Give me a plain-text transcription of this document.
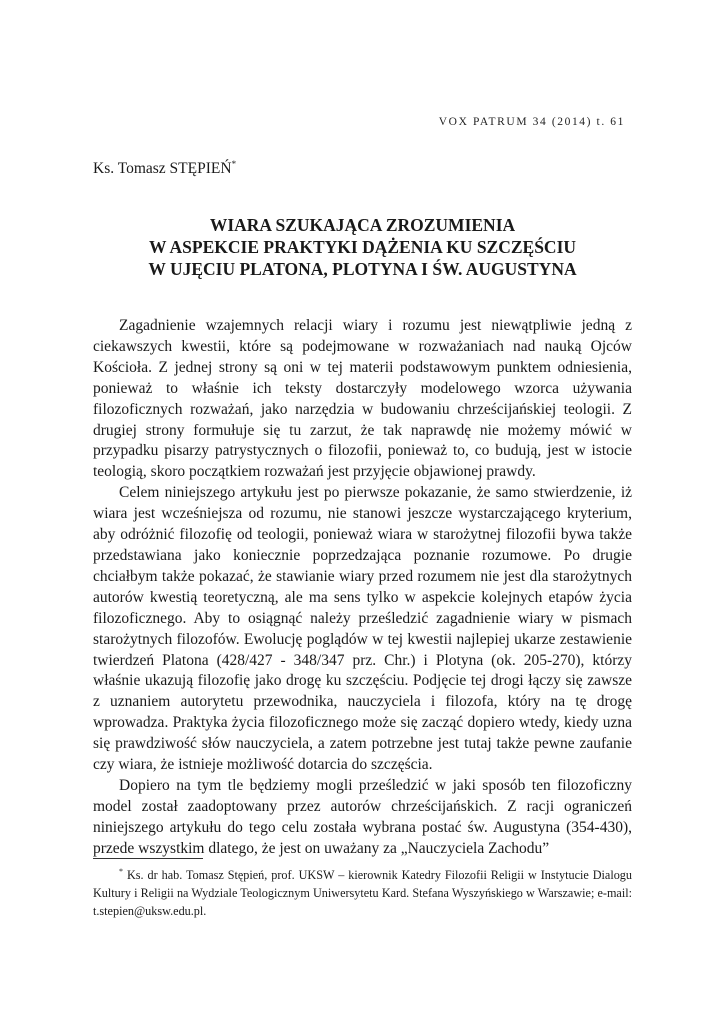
VOX PATRUM 34 (2014) t. 61
Ks. Tomasz STĘPIEŃ*
WIARA SZUKAJĄCA ZROZUMIENIA
W ASPEKCIE PRAKTYKI DĄŻENIA KU SZCZĘŚCIU
W UJĘCIU PLATONA, PLOTYNA I ŚW. AUGUSTYNA

Zagadnienie wzajemnych relacji wiary i rozumu jest niewątpliwie jedną z ciekawszych kwestii, które są podejmowane w rozważaniach nad nauką Ojców Kościoła. Z jednej strony są oni w tej materii podstawowym punktem odniesienia, ponieważ to właśnie ich teksty dostarczyły modelowego wzorca używania filozoficznych rozważań, jako narzędzia w budowaniu chrześcijańskiej teologii. Z drugiej strony formułuje się tu zarzut, że tak naprawdę nie możemy mówić w przypadku pisarzy patrystycznych o filozofii, ponieważ to, co budują, jest w istocie teologią, skoro początkiem rozważań jest przyjęcie objawionej prawdy.

Celem niniejszego artykułu jest po pierwsze pokazanie, że samo stwierdzenie, iż wiara jest wcześniejsza od rozumu, nie stanowi jeszcze wystarczającego kryterium, aby odróżnić filozofię od teologii, ponieważ wiara w starożytnej filozofii bywa także przedstawiana jako koniecznie poprzedzająca poznanie rozumowe. Po drugie chciałbym także pokazać, że stawianie wiary przed rozumem nie jest dla starożytnych autorów kwestią teoretyczną, ale ma sens tylko w aspekcie kolejnych etapów życia filozoficznego. Aby to osiągnąć należy prześledzić zagadnienie wiary w pismach starożytnych filozofów. Ewolucję poglądów w tej kwestii najlepiej ukarze zestawienie twierdzeń Platona (428/427 - 348/347 prz. Chr.) i Plotyna (ok. 205-270), którzy właśnie ukazują filozofię jako drogę ku szczęściu. Podjęcie tej drogi łączy się zawsze z uznaniem autorytetu przewodnika, nauczyciela i filozofa, który na tę drogę wprowadza. Praktyka życia filozoficznego może się zacząć dopiero wtedy, kiedy uzna się prawdziwość słów nauczyciela, a zatem potrzebne jest tutaj także pewne zaufanie czy wiara, że istnieje możliwość dotarcia do szczęścia.

Dopiero na tym tle będziemy mogli prześledzić w jaki sposób ten filozoficzny model został zaadoptowany przez autorów chrześcijańskich. Z racji ograniczeń niniejszego artykułu do tego celu została wybrana postać św. Augustyna (354-430), przede wszystkim dlatego, że jest on uważany za „Nauczyciela Zachodu”

* Ks. dr hab. Tomasz Stępień, prof. UKSW – kierownik Katedry Filozofii Religii w Instytucie Dialogu Kultury i Religii na Wydziale Teologicznym Uniwersytetu Kard. Stefana Wyszyńskiego w Warszawie; e-mail: t.stepien@uksw.edu.pl.
